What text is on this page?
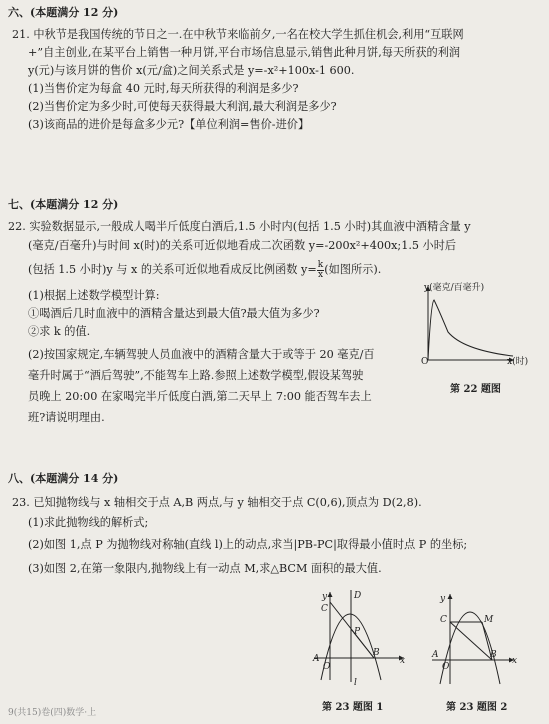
六、(本题满分 12 分)
21. 中秋节是我国传统的节日之一.在中秋节来临前夕,一名在校大学生抓住机会,利用“互联网
+”自主创业,在某平台上销售一种月饼,平台市场信息显示,销售此种月饼,每天所获的利润
y(元)与该月饼的售价 x(元/盒)之间关系式是 y=-x²+100x-1 600.
(1)当售价定为每盒 40 元时,每天所获得的利润是多少?
(2)当售价定为多少时,可使每天获得最大利润,最大利润是多少?
(3)该商品的进价是每盒多少元?【单位利润=售价-进价】
七、(本题满分 12 分)
22. 实验数据显示,一般成人喝半斤低度白酒后,1.5 小时内(包括 1.5 小时)其血液中酒精含量 y
(毫克/百毫升)与时间 x(时)的关系可近似地看成二次函数 y=-200x²+400x;1.5 小时后
(包括 1.5 小时)y 与 x 的关系可近似地看成反比例函数 $y= \frac{k}{x}$ (如图所示).
(1)根据上述数学模型计算:
①喝酒后几时血液中的酒精含量达到最大值?最大值为多少?
②求 k 的值.
(2)按国家规定,车辆驾驶人员血液中的酒精含量大于或等于 20 毫克/百
毫升时属于“酒后驾驶”,不能驾车上路.参照上述数学模型,假设某驾驶
员晚上 20:00 在家喝完半斤低度白酒,第二天早上 7:00 能否驾车去上
班?请说明理由.
y(毫克/百毫升)
x(时)
O
第 22 题图
八、(本题满分 14 分)
23. 已知抛物线与 x 轴相交于点 A,B 两点,与 y 轴相交于点 C(0,6),顶点为 D(2,8).
(1)求此抛物线的解析式;
(2)如图 1,点 P 为抛物线对称轴(直线 l)上的动点,求当|PB-PC|取得最小值时点 P 的坐标;
(3)如图 2,在第一象限内,抛物线上有一动点 M,求△BCM 面积的最大值.
y	D
C
P
A
O
B
x
l
第 23 题图 1
y
C	M
A
O
B
x
第 23 题图 2
9(共15)卷(四)数学·上
